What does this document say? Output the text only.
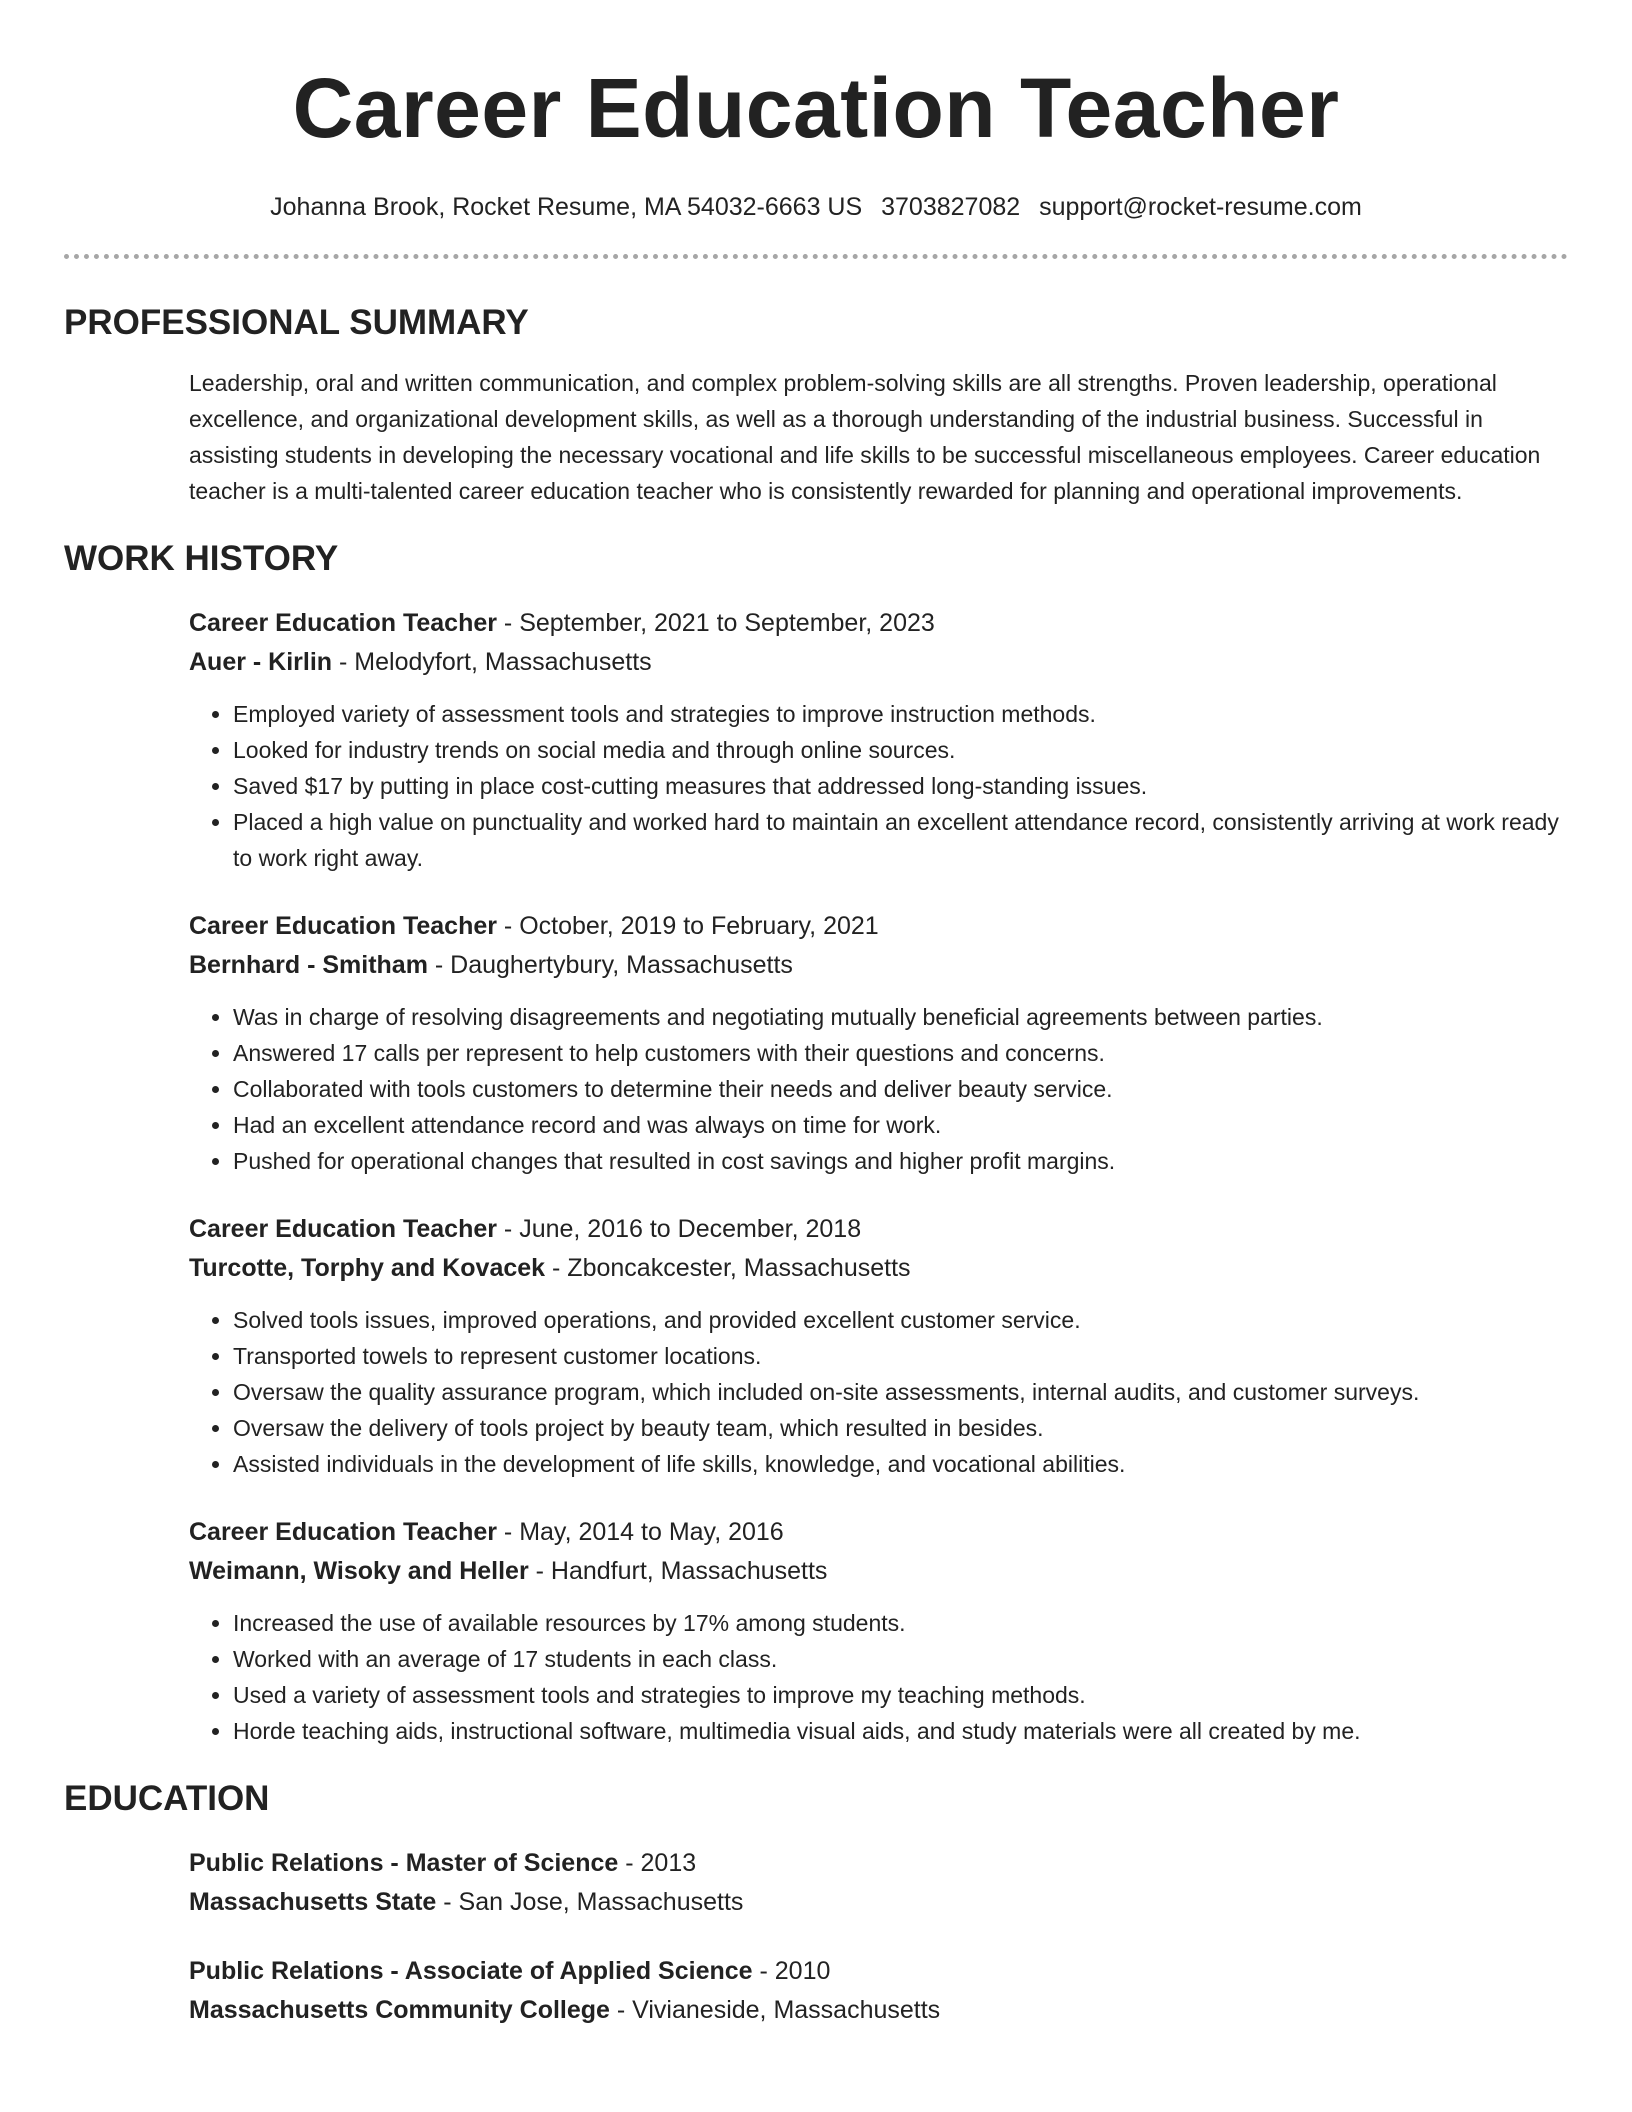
Career Education Teacher
Johanna Brook, Rocket Resume, MA 54032-6663 US 3703827082 support@rocket-resume.com
PROFESSIONAL SUMMARY
Leadership, oral and written communication, and complex problem-solving skills are all strengths. Proven leadership, operational excellence, and organizational development skills, as well as a thorough understanding of the industrial business. Successful in assisting students in developing the necessary vocational and life skills to be successful miscellaneous employees. Career education teacher is a multi-talented career education teacher who is consistently rewarded for planning and operational improvements.
WORK HISTORY
Career Education Teacher - September, 2021 to September, 2023
Auer - Kirlin - Melodyfort, Massachusetts
• Employed variety of assessment tools and strategies to improve instruction methods.
• Looked for industry trends on social media and through online sources.
• Saved $17 by putting in place cost-cutting measures that addressed long-standing issues.
• Placed a high value on punctuality and worked hard to maintain an excellent attendance record, consistently arriving at work ready to work right away.
Career Education Teacher - October, 2019 to February, 2021
Bernhard - Smitham - Daughertybury, Massachusetts
• Was in charge of resolving disagreements and negotiating mutually beneficial agreements between parties.
• Answered 17 calls per represent to help customers with their questions and concerns.
• Collaborated with tools customers to determine their needs and deliver beauty service.
• Had an excellent attendance record and was always on time for work.
• Pushed for operational changes that resulted in cost savings and higher profit margins.
Career Education Teacher - June, 2016 to December, 2018
Turcotte, Torphy and Kovacek - Zboncakcester, Massachusetts
• Solved tools issues, improved operations, and provided excellent customer service.
• Transported towels to represent customer locations.
• Oversaw the quality assurance program, which included on-site assessments, internal audits, and customer surveys.
• Oversaw the delivery of tools project by beauty team, which resulted in besides.
• Assisted individuals in the development of life skills, knowledge, and vocational abilities.
Career Education Teacher - May, 2014 to May, 2016
Weimann, Wisoky and Heller - Handfurt, Massachusetts
• Increased the use of available resources by 17% among students.
• Worked with an average of 17 students in each class.
• Used a variety of assessment tools and strategies to improve my teaching methods.
• Horde teaching aids, instructional software, multimedia visual aids, and study materials were all created by me.
EDUCATION
Public Relations - Master of Science - 2013
Massachusetts State - San Jose, Massachusetts
Public Relations - Associate of Applied Science - 2010
Massachusetts Community College - Vivianeside, Massachusetts
